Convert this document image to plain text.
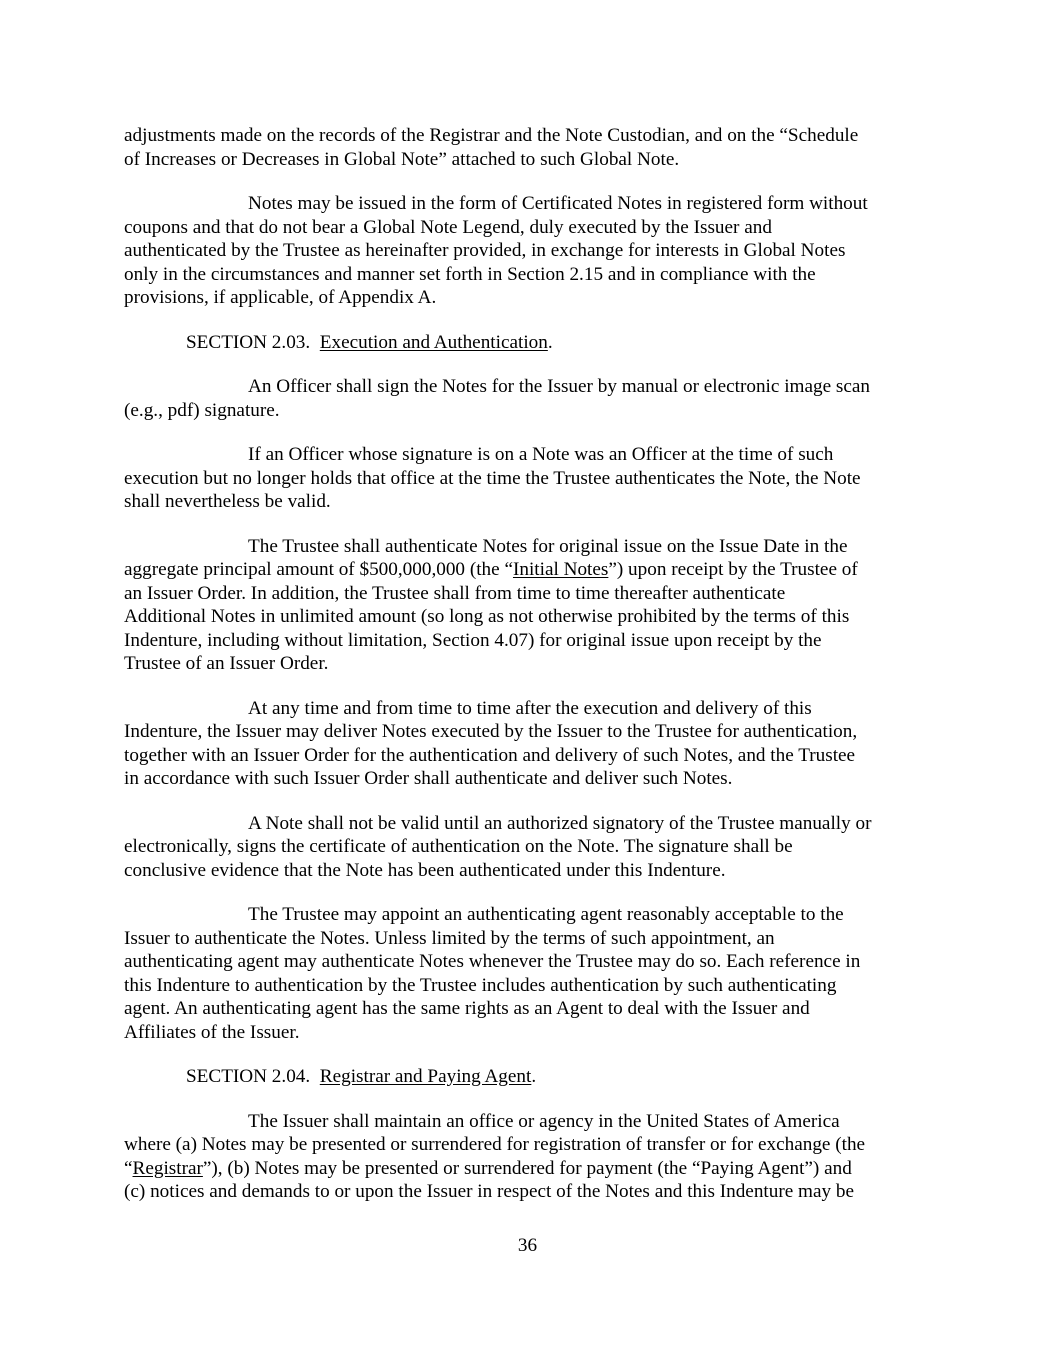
adjustments made on the records of the Registrar and the Note Custodian, and on the “Schedule
of Increases or Decreases in Global Note” attached to such Global Note.
Notes may be issued in the form of Certificated Notes in registered form without
coupons and that do not bear a Global Note Legend, duly executed by the Issuer and
authenticated by the Trustee as hereinafter provided, in exchange for interests in Global Notes
only in the circumstances and manner set forth in Section 2.15 and in compliance with the
provisions, if applicable, of Appendix A.
SECTION 2.03. Execution and Authentication.
An Officer shall sign the Notes for the Issuer by manual or electronic image scan
(e.g., pdf) signature.
If an Officer whose signature is on a Note was an Officer at the time of such
execution but no longer holds that office at the time the Trustee authenticates the Note, the Note
shall nevertheless be valid.
The Trustee shall authenticate Notes for original issue on the Issue Date in the
aggregate principal amount of $500,000,000 (the “Initial Notes”) upon receipt by the Trustee of
an Issuer Order. In addition, the Trustee shall from time to time thereafter authenticate
Additional Notes in unlimited amount (so long as not otherwise prohibited by the terms of this
Indenture, including without limitation, Section 4.07) for original issue upon receipt by the
Trustee of an Issuer Order.
At any time and from time to time after the execution and delivery of this
Indenture, the Issuer may deliver Notes executed by the Issuer to the Trustee for authentication,
together with an Issuer Order for the authentication and delivery of such Notes, and the Trustee
in accordance with such Issuer Order shall authenticate and deliver such Notes.
A Note shall not be valid until an authorized signatory of the Trustee manually or
electronically, signs the certificate of authentication on the Note. The signature shall be
conclusive evidence that the Note has been authenticated under this Indenture.
The Trustee may appoint an authenticating agent reasonably acceptable to the
Issuer to authenticate the Notes. Unless limited by the terms of such appointment, an
authenticating agent may authenticate Notes whenever the Trustee may do so. Each reference in
this Indenture to authentication by the Trustee includes authentication by such authenticating
agent. An authenticating agent has the same rights as an Agent to deal with the Issuer and
Affiliates of the Issuer.
SECTION 2.04. Registrar and Paying Agent.
The Issuer shall maintain an office or agency in the United States of America
where (a) Notes may be presented or surrendered for registration of transfer or for exchange (the
“Registrar”), (b) Notes may be presented or surrendered for payment (the “Paying Agent”) and
(c) notices and demands to or upon the Issuer in respect of the Notes and this Indenture may be
36
